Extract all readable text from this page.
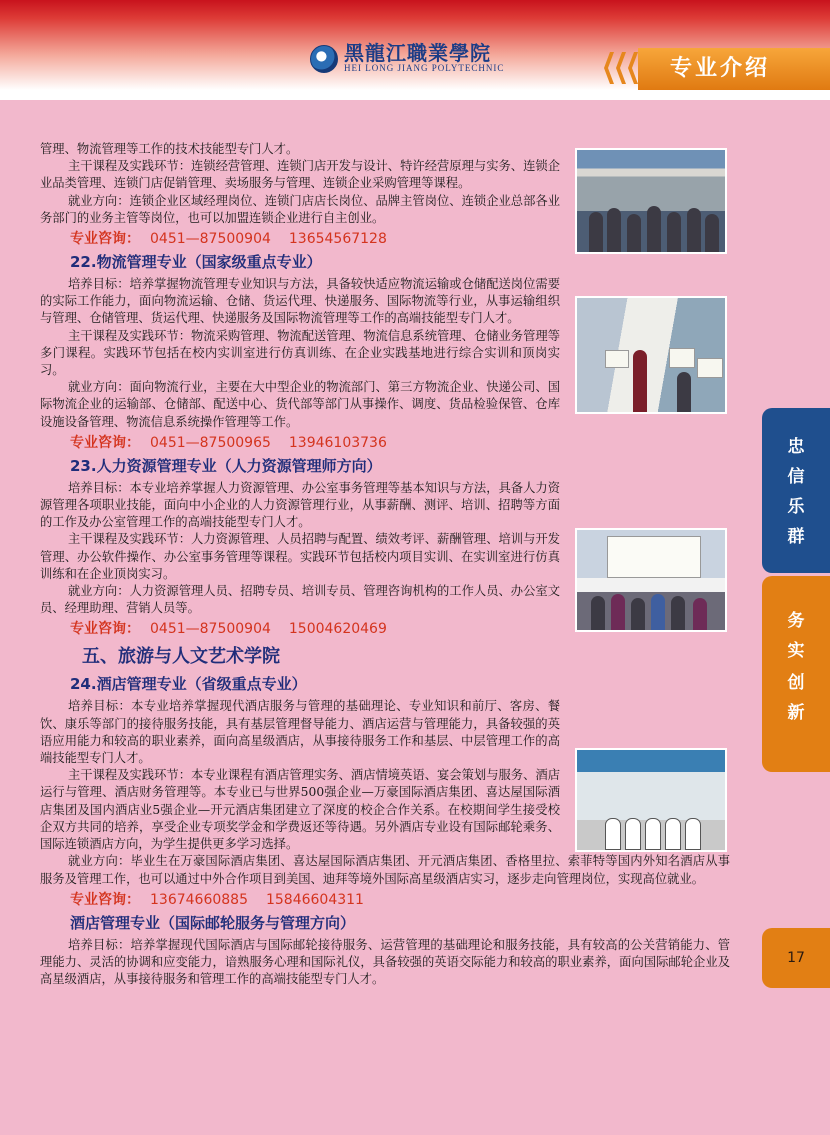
黑龍江職業學院
HEI LONG JIANG POLYTECHNIC	专业介绍
忠
信
乐
群
务
实
创
新
17

管理、物流管理等工作的技术技能型专门人才。

主干课程及实践环节：连锁经营管理、连锁门店开发与设计、特许经营原理与实务、连锁企业品类管理、连锁门店促销管理、卖场服务与管理、连锁企业采购管理等课程。

就业方向：连锁企业区域经理岗位、连锁门店店长岗位、品牌主管岗位、连锁企业总部各业务部门的业务主管等岗位，也可以加盟连锁企业进行自主创业。

专业咨询： 0451—87500904 13654567128
22.物流管理专业（国家级重点专业）

培养目标：培养掌握物流管理专业知识与方法，具备较快适应物流运输或仓储配送岗位需要的实际工作能力，面向物流运输、仓储、货运代理、快递服务、国际物流等行业，从事运输组织与管理、仓储管理、货运代理、快递服务及国际物流管理等工作的高端技能型专门人才。

主干课程及实践环节：物流采购管理、物流配送管理、物流信息系统管理、仓储业务管理等多门课程。实践环节包括在校内实训室进行仿真训练、在企业实践基地进行综合实训和顶岗实习。

就业方向：面向物流行业，主要在大中型企业的物流部门、第三方物流企业、快递公司、国际物流企业的运输部、仓储部、配送中心、货代部等部门从事操作、调度、货品检验保管、仓库设施设备管理、物流信息系统操作管理等工作。

专业咨询： 0451—87500965 13946103736
23.人力资源管理专业（人力资源管理师方向）

培养目标：本专业培养掌握人力资源管理、办公室事务管理等基本知识与方法，具备人力资源管理各项职业技能，面向中小企业的人力资源管理行业，从事薪酬、测评、培训、招聘等方面的工作及办公室管理工作的高端技能型专门人才。

主干课程及实践环节：人力资源管理、人员招聘与配置、绩效考评、薪酬管理、培训与开发管理、办公软件操作、办公室事务管理等课程。实践环节包括校内项目实训、在实训室进行仿真训练和在企业顶岗实习。

就业方向：人力资源管理人员、招聘专员、培训专员、管理咨询机构的工作人员、办公室文员、经理助理、营销人员等。

专业咨询： 0451—87500904 15004620469
五、旅游与人文艺术学院
24.酒店管理专业（省级重点专业）

培养目标：本专业培养掌握现代酒店服务与管理的基础理论、专业知识和前厅、客房、餐饮、康乐等部门的接待服务技能，具有基层管理督导能力、酒店运营与管理能力，具备较强的英语应用能力和较高的职业素养，面向高星级酒店，从事接待服务工作和基层、中层管理工作的高端技能型专门人才。

主干课程及实践环节：本专业课程有酒店管理实务、酒店情境英语、宴会策划与服务、酒店运行与管理、酒店财务管理等。本专业已与世界500强企业—万豪国际酒店集团、喜达屋国际酒店集团及国内酒店业5强企业—开元酒店集团建立了深度的校企合作关系。在校期间学生接受校企双方共同的培养，享受企业专项奖学金和学费返还等待遇。另外酒店专业设有国际邮轮乘务、国际连锁酒店方向，为学生提供更多学习选择。

就业方向：毕业生在万豪国际酒店集团、喜达屋国际酒店集团、开元酒店集团、香格里拉、索菲特等国内外知名酒店从事服务及管理工作，也可以通过中外合作项目到美国、迪拜等境外国际高星级酒店实习，逐步走向管理岗位，实现高位就业。

专业咨询： 13674660885 15846604311
酒店管理专业（国际邮轮服务与管理方向）

培养目标：培养掌握现代国际酒店与国际邮轮接待服务、运营管理的基础理论和服务技能，具有较高的公关营销能力、管理能力、灵活的协调和应变能力，谙熟服务心理和国际礼仪，具备较强的英语交际能力和较高的职业素养，面向国际邮轮企业及高星级酒店，从事接待服务和管理工作的高端技能型专门人才。
